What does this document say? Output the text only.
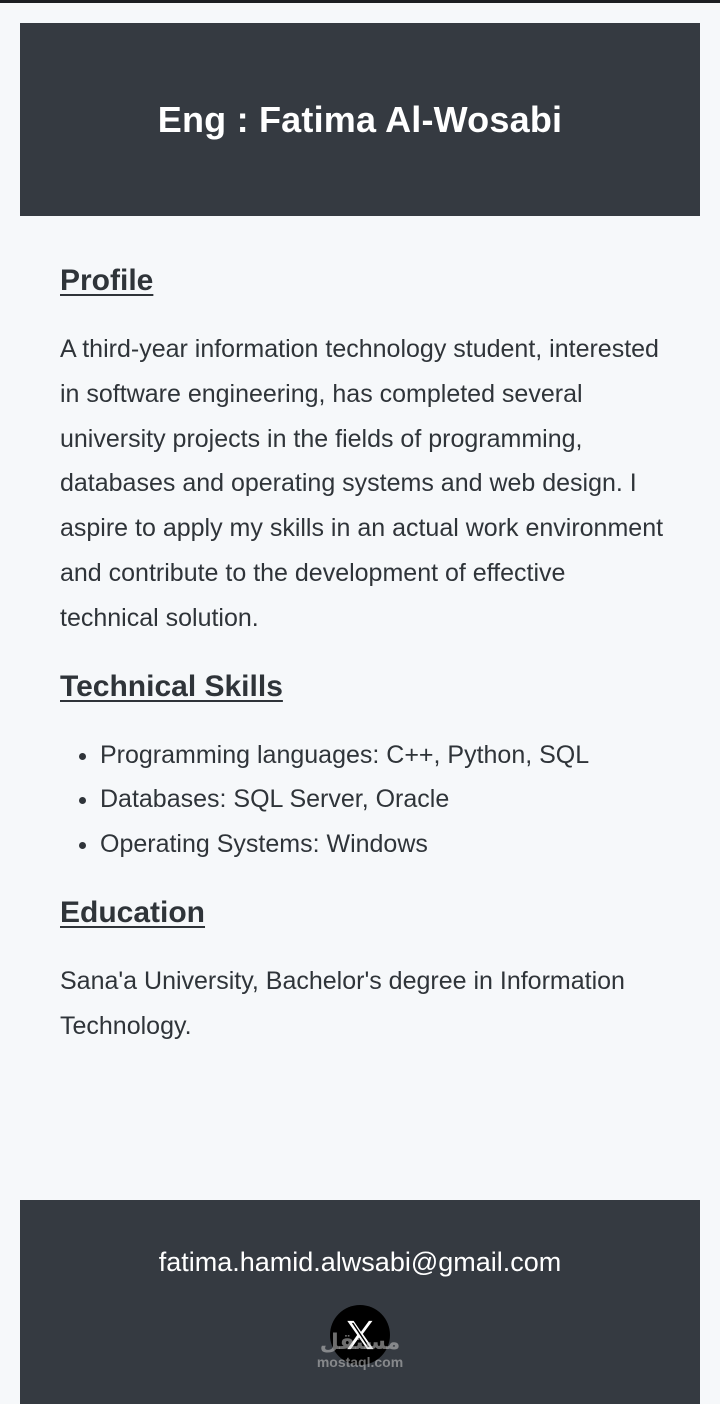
Eng : Fatima Al-Wosabi
Profile

A third-year information technology student, interested in software engineering, has completed several university projects in the fields of programming, databases and operating systems and web design. I aspire to apply my skills in an actual work environment and contribute to the development of effective technical solution.

Technical Skills
• Programming languages: C++, Python, SQL
• Databases: SQL Server, Oracle
• Operating Systems: Windows
Education

Sana'a University, Bachelor's degree in Information Technology.

fatima.hamid.alwsabi@gmail.com
مستقل
mostaql.com
